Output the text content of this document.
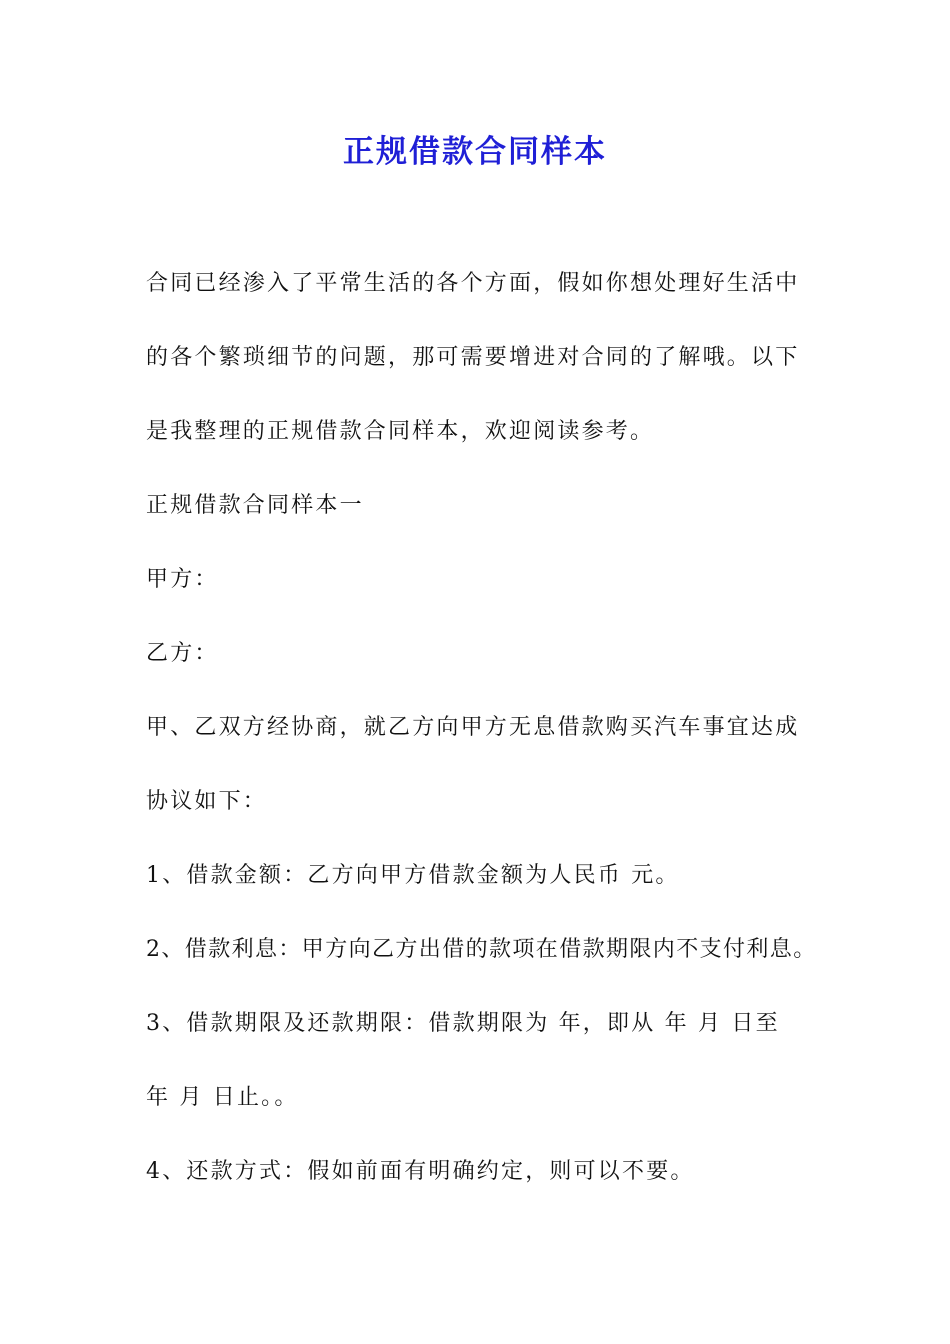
正规借款合同样本
合同已经渗入了平常生活的各个方面，假如你想处理好生活中
的各个繁琐细节的问题，那可需要增进对合同的了解哦。以下
是我整理的正规借款合同样本，欢迎阅读参考。
正规借款合同样本一
甲方：
乙方：
甲、乙双方经协商，就乙方向甲方无息借款购买汽车事宜达成
协议如下：
1、借款金额：乙方向甲方借款金额为人民币 元。
2、借款利息：甲方向乙方出借的款项在借款期限内不支付利息。
3、借款期限及还款期限：借款期限为 年，即从 年 月 日至
年 月 日止。。
4、还款方式：假如前面有明确约定，则可以不要。
